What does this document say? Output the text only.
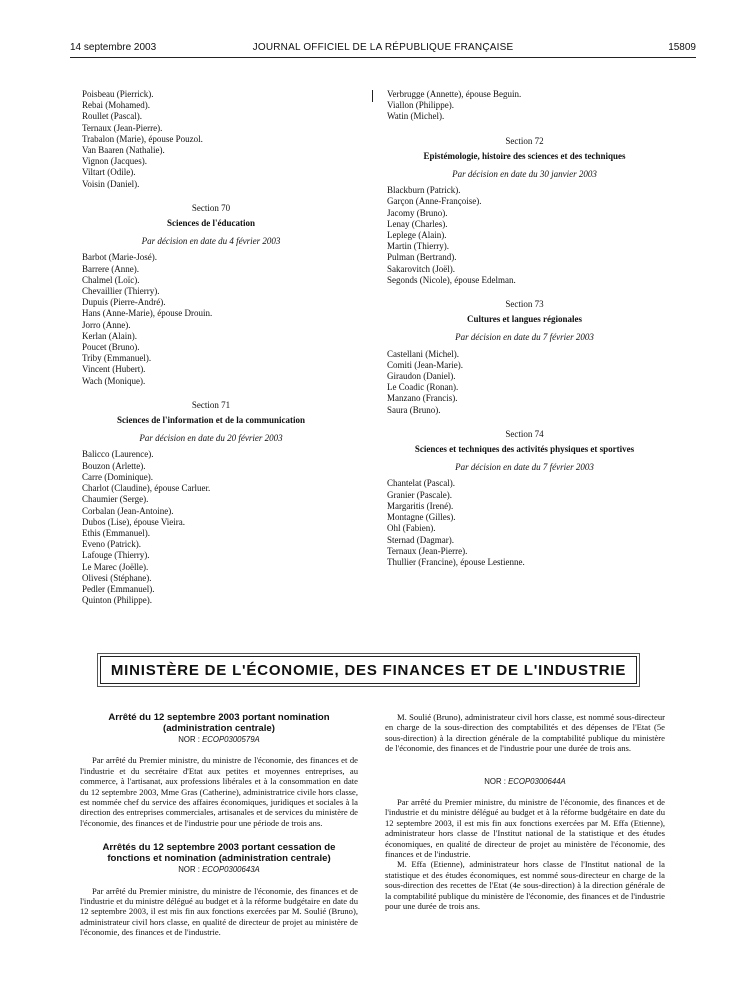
14 septembre 2003	JOURNAL OFFICIEL DE LA RÉPUBLIQUE FRANÇAISE	15809
Poisbeau (Pierrick).
Rebai (Mohamed).
Roullet (Pascal).
Ternaux (Jean-Pierre).
Trabalon (Marie), épouse Pouzol.
Van Baaren (Nathalie).
Vignon (Jacques).
Viltart (Odile).
Voisin (Daniel).
Section 70
Sciences de l'éducation
Par décision en date du 4 février 2003
Barbot (Marie-José).
Barrere (Anne).
Chalmel (Loïc).
Chevaillier (Thierry).
Dupuis (Pierre-André).
Hans (Anne-Marie), épouse Drouin.
Jorro (Anne).
Kerlan (Alain).
Poucet (Bruno).
Triby (Emmanuel).
Vincent (Hubert).
Wach (Monique).
Section 71
Sciences de l'information et de la communication
Par décision en date du 20 février 2003
Balicco (Laurence).
Bouzon (Arlette).
Carre (Dominique).
Charlot (Claudine), épouse Carluer.
Chaumier (Serge).
Corbalan (Jean-Antoine).
Dubos (Lise), épouse Vieira.
Ethis (Emmanuel).
Eveno (Patrick).
Lafouge (Thierry).
Le Marec (Joëlle).
Olivesi (Stéphane).
Pedler (Emmanuel).
Quinton (Philippe).
Verbrugge (Annette), épouse Beguin.
Viallon (Philippe).
Watin (Michel).
Section 72
Epistémologie, histoire des sciences et des techniques
Par décision en date du 30 janvier 2003
Blackburn (Patrick).
Garçon (Anne-Françoise).
Jacomy (Bruno).
Lenay (Charles).
Leplege (Alain).
Martin (Thierry).
Pulman (Bertrand).
Sakarovitch (Joël).
Segonds (Nicole), épouse Edelman.
Section 73
Cultures et langues régionales
Par décision en date du 7 février 2003
Castellani (Michel).
Comiti (Jean-Marie).
Giraudon (Daniel).
Le Coadic (Ronan).
Manzano (Francis).
Saura (Bruno).
Section 74
Sciences et techniques des activités physiques et sportives
Par décision en date du 7 février 2003
Chantelat (Pascal).
Granier (Pascale).
Margaritis (Irené).
Montagne (Gilles).
Ohl (Fabien).
Sternad (Dagmar).
Ternaux (Jean-Pierre).
Thullier (Francine), épouse Lestienne.
MINISTÈRE DE L'ÉCONOMIE, DES FINANCES ET DE L'INDUSTRIE
Arrêté du 12 septembre 2003 portant nomination (administration centrale)
NOR : ECOP0300579A

Par arrêté du Premier ministre, du ministre de l'économie, des finances et de l'industrie et du secrétaire d'Etat aux petites et moyennes entreprises, au commerce, à l'artisanat, aux professions libérales et à la consommation en date du 12 septembre 2003, Mme Gras (Catherine), administratrice civile hors classe, est nommée chef du service des affaires économiques, juridiques et sociales à la direction des entreprises commerciales, artisanales et de services du ministère de l'économie, des finances et de l'industrie pour une période de trois ans.

Arrêtés du 12 septembre 2003 portant cessation de fonctions et nomination (administration centrale)
NOR : ECOP0300643A

Par arrêté du Premier ministre, du ministre de l'économie, des finances et de l'industrie et du ministre délégué au budget et à la réforme budgétaire en date du 12 septembre 2003, il est mis fin aux fonctions exercées par M. Soulié (Bruno), administrateur civil hors classe, en qualité de directeur de projet au ministère de l'économie, des finances et de l'industrie.

M. Soulié (Bruno), administrateur civil hors classe, est nommé sous-directeur en charge de la sous-direction des comptabilités et des dépenses de l'Etat (5e sous-direction) à la direction générale de la comptabilité publique du ministère de l'économie, des finances et de l'industrie pour une durée de trois ans.

NOR : ECOP0300644A

Par arrêté du Premier ministre, du ministre de l'économie, des finances et de l'industrie et du ministre délégué au budget et à la réforme budgétaire en date du 12 septembre 2003, il est mis fin aux fonctions exercées par M. Effa (Etienne), administrateur hors classe de l'Institut national de la statistique et des études économiques, en qualité de directeur de projet au ministère de l'économie, des finances et de l'industrie.

M. Effa (Etienne), administrateur hors classe de l'Institut national de la statistique et des études économiques, est nommé sous-directeur en charge de la sous-direction des recettes de l'Etat (4e sous-direction) à la direction générale de la comptabilité publique du ministère de l'économie, des finances et de l'industrie pour une durée de trois ans.
